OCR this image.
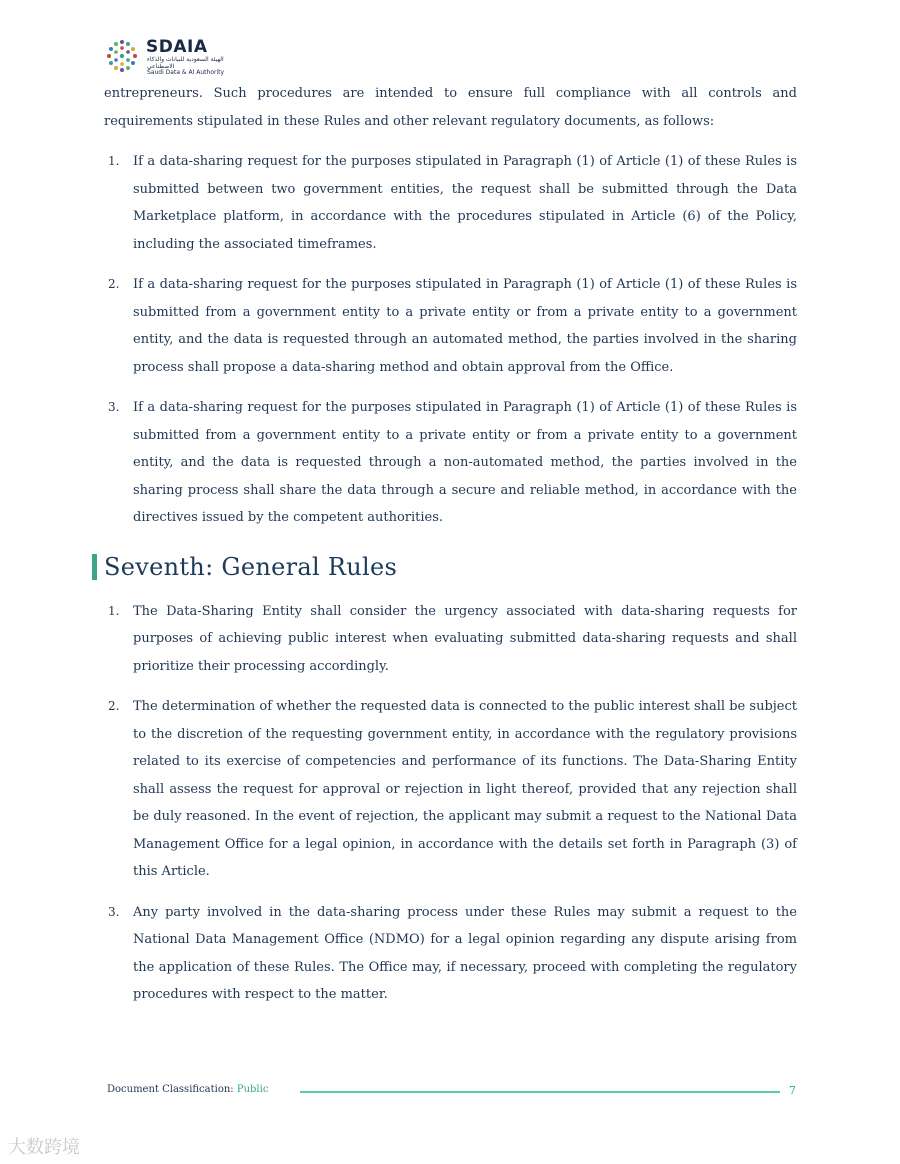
SDAIA
الهيئة السعودية للبيانات والذكاء الاصطناعي
Saudi Data & AI Authority

entrepreneurs. Such procedures are intended to ensure full compliance with all controls and requirements stipulated in these Rules and other relevant regulatory documents, as follows:

1. If a data-sharing request for the purposes stipulated in Paragraph (1) of Article (1) of these Rules is submitted between two government entities, the request shall be submitted through the Data Marketplace platform, in accordance with the procedures stipulated in Article (6) of the Policy, including the associated timeframes.

2. If a data-sharing request for the purposes stipulated in Paragraph (1) of Article (1) of these Rules is submitted from a government entity to a private entity or from a private entity to a government entity, and the data is requested through an automated method, the parties involved in the sharing process shall propose a data-sharing method and obtain approval from the Office.

3. If a data-sharing request for the purposes stipulated in Paragraph (1) of Article (1) of these Rules is submitted from a government entity to a private entity or from a private entity to a government entity, and the data is requested through a non-automated method, the parties involved in the sharing process shall share the data through a secure and reliable method, in accordance with the directives issued by the competent authorities.

Seventh: General Rules
1. The Data-Sharing Entity shall consider the urgency associated with data-sharing requests for purposes of achieving public interest when evaluating submitted data-sharing requests and shall prioritize their processing accordingly.

2. The determination of whether the requested data is connected to the public interest shall be subject to the discretion of the requesting government entity, in accordance with the regulatory provisions related to its exercise of competencies and performance of its functions. The Data-Sharing Entity shall assess the request for approval or rejection in light thereof, provided that any rejection shall be duly reasoned. In the event of rejection, the applicant may submit a request to the National Data Management Office for a legal opinion, in accordance with the details set forth in Paragraph (3) of this Article.

3. Any party involved in the data-sharing process under these Rules may submit a request to the National Data Management Office (NDMO) for a legal opinion regarding any dispute arising from the application of these Rules. The Office may, if necessary, proceed with completing the regulatory procedures with respect to the matter.

Document Classification: Public	7
大数跨境
